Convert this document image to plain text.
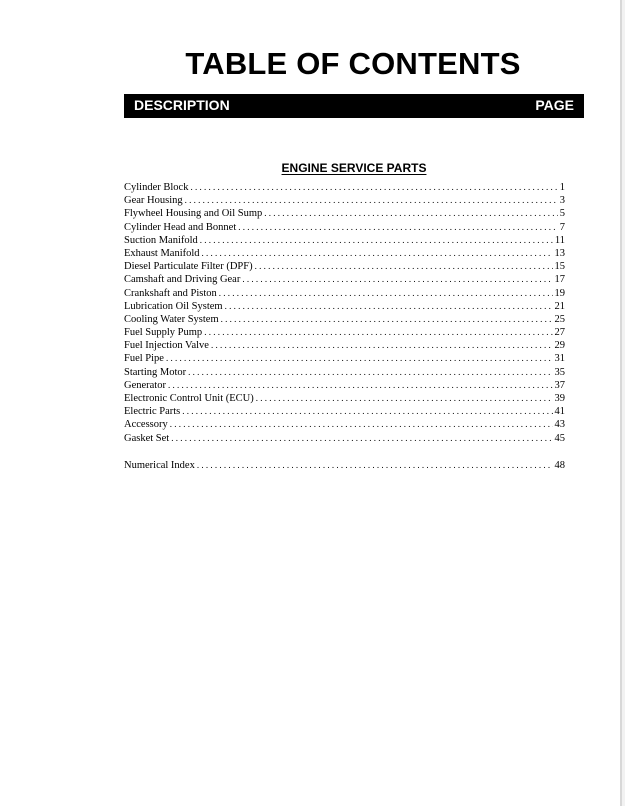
TABLE OF CONTENTS
DESCRIPTION	PAGE
ENGINE SERVICE PARTS
Cylinder Block . . .	1
Gear Housing . . .	3
Flywheel Housing and Oil Sump . . .	5
Cylinder Head and Bonnet . . .	7
Suction Manifold . . .	11
Exhaust Manifold . . .	13
Diesel Particulate Filter (DPF) . . .	15
Camshaft and Driving Gear . . .	17
Crankshaft and Piston . . .	19
Lubrication Oil System . . .	21
Cooling Water System . . .	25
Fuel Supply Pump . . .	27
Fuel Injection Valve . . .	29
Fuel Pipe . . .	31
Starting Motor . . .	35
Generator . . .	37
Electronic Control Unit (ECU) . . .	39
Electric Parts . . .	41
Accessory . . .	43
Gasket Set . . .	45
Numerical Index . . .	48
